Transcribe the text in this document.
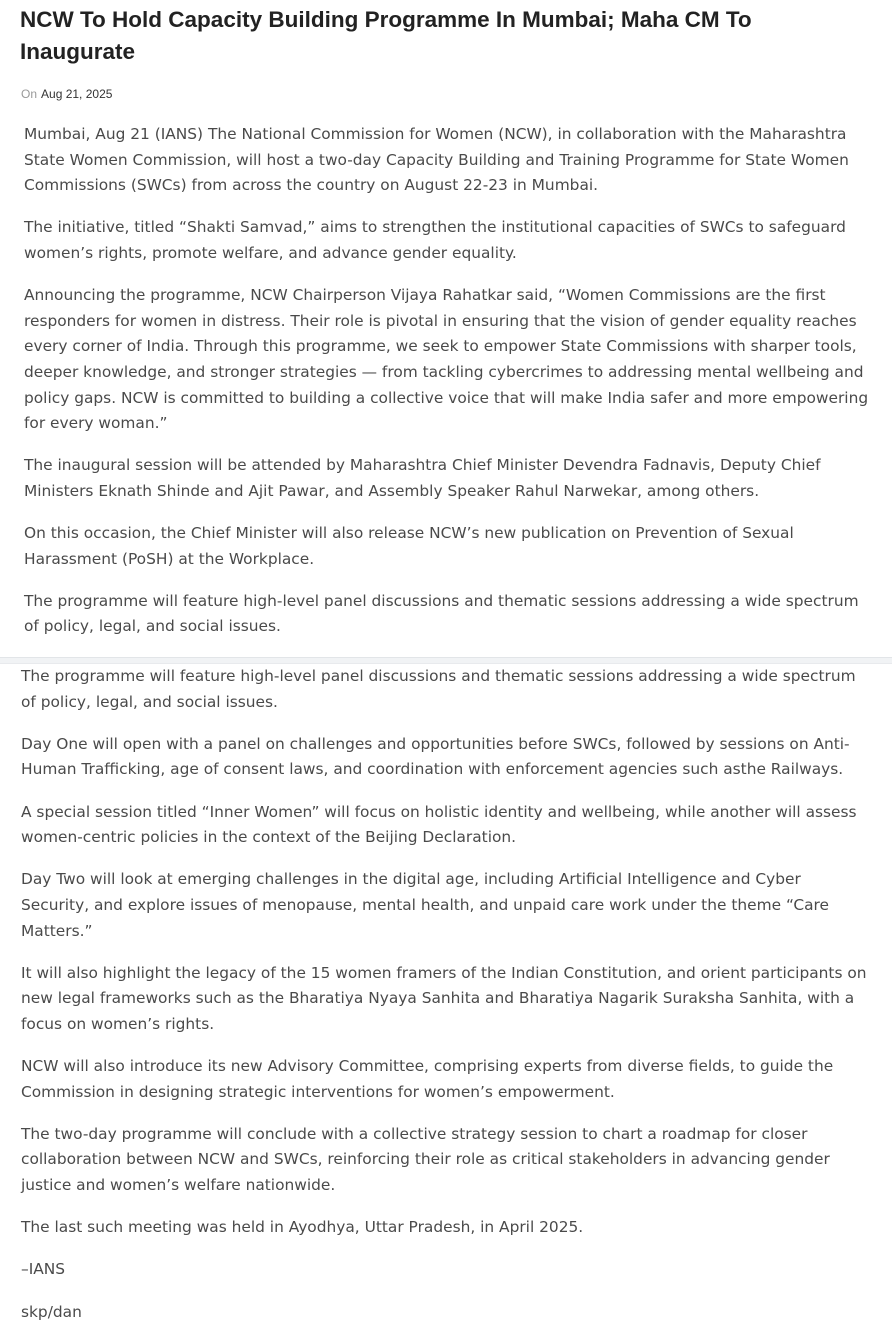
NCW To Hold Capacity Building Programme In Mumbai; Maha CM To Inaugurate
On Aug 21, 2025

Mumbai, Aug 21 (IANS) The National Commission for Women (NCW), in collaboration with the Maharashtra State Women Commission, will host a two-day Capacity Building and Training Programme for State Women Commissions (SWCs) from across the country on August 22-23 in Mumbai.

The initiative, titled “Shakti Samvad,” aims to strengthen the institutional capacities of SWCs to safeguard women’s rights, promote welfare, and advance gender equality.

Announcing the programme, NCW Chairperson Vijaya Rahatkar said, “Women Commissions are the first responders for women in distress. Their role is pivotal in ensuring that the vision of gender equality reaches every corner of India. Through this programme, we seek to empower State Commissions with sharper tools, deeper knowledge, and stronger strategies — from tackling cybercrimes to addressing mental wellbeing and policy gaps. NCW is committed to building a collective voice that will make India safer and more empowering for every woman.”

The inaugural session will be attended by Maharashtra Chief Minister Devendra Fadnavis, Deputy Chief Ministers Eknath Shinde and Ajit Pawar, and Assembly Speaker Rahul Narwekar, among others.

On this occasion, the Chief Minister will also release NCW’s new publication on Prevention of Sexual Harassment (PoSH) at the Workplace.

The programme will feature high-level panel discussions and thematic sessions addressing a wide spectrum of policy, legal, and social issues.

The programme will feature high-level panel discussions and thematic sessions addressing a wide spectrum of policy, legal, and social issues.

Day One will open with a panel on challenges and opportunities before SWCs, followed by sessions on Anti-Human Trafficking, age of consent laws, and coordination with enforcement agencies such asthe Railways.

A special session titled “Inner Women” will focus on holistic identity and wellbeing, while another will assess women-centric policies in the context of the Beijing Declaration.

Day Two will look at emerging challenges in the digital age, including Artificial Intelligence and Cyber Security, and explore issues of menopause, mental health, and unpaid care work under the theme “Care Matters.”

It will also highlight the legacy of the 15 women framers of the Indian Constitution, and orient participants on new legal frameworks such as the Bharatiya Nyaya Sanhita and Bharatiya Nagarik Suraksha Sanhita, with a focus on women’s rights.

NCW will also introduce its new Advisory Committee, comprising experts from diverse fields, to guide the Commission in designing strategic interventions for women’s empowerment.

The two-day programme will conclude with a collective strategy session to chart a roadmap for closer collaboration between NCW and SWCs, reinforcing their role as critical stakeholders in advancing gender justice and women’s welfare nationwide.

The last such meeting was held in Ayodhya, Uttar Pradesh, in April 2025.

–IANS

skp/dan
